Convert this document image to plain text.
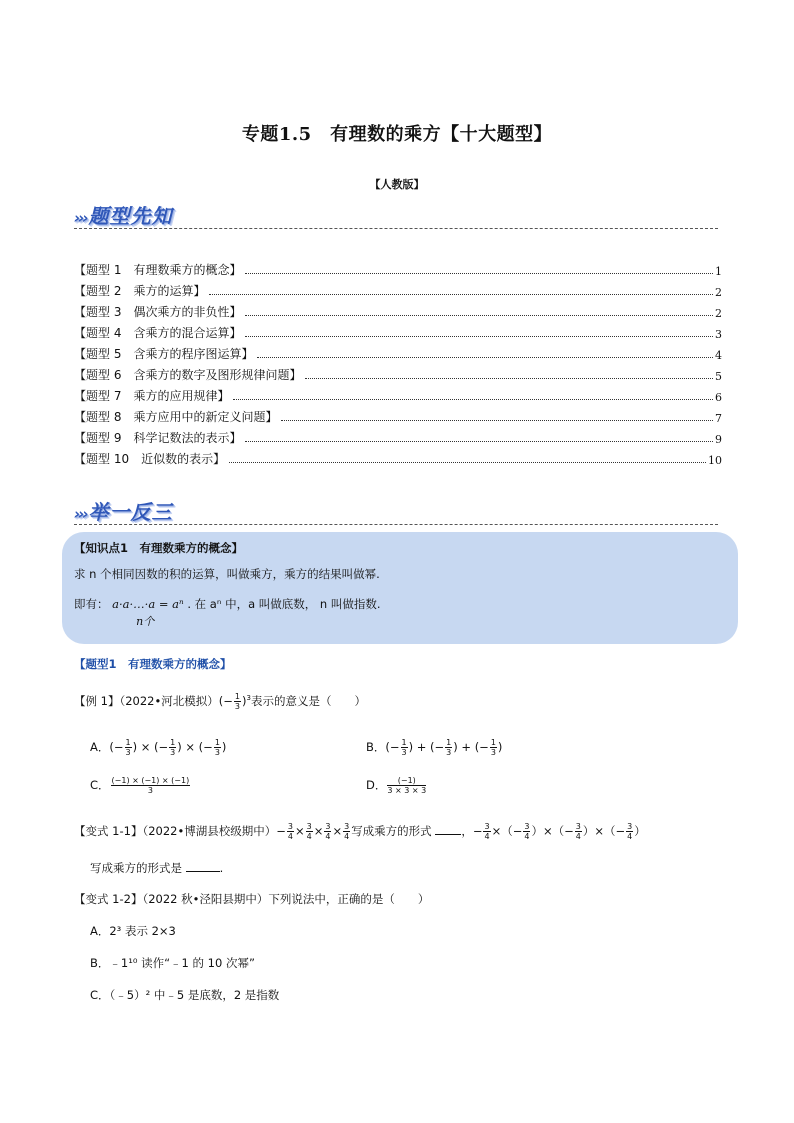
专题1.5　有理数的乘方【十大题型】
【人教版】
››› 题型先知
【题型 1　有理数乘方的概念】	1
【题型 2　乘方的运算】	2
【题型 3　偶次乘方的非负性】	2
【题型 4　含乘方的混合运算】	3
【题型 5　含乘方的程序图运算】	4
【题型 6　含乘方的数字及图形规律问题】	5
【题型 7　乘方的应用规律】	6
【题型 8　乘方应用中的新定义问题】	7
【题型 9　科学记数法的表示】	9
【题型 10　近似数的表示】	10
››› 举一反三
【知识点1　有理数乘方的概念】
求 n 个相同因数的积的运算，叫做乘方，乘方的结果叫做幂.
即有： a·a·…·a = aⁿ
n个
. 在 aⁿ 中，a 叫做底数， n 叫做指数.
【题型1　有理数乘方的概念】
【例 1】（2022•河北模拟）(− $\frac{1}{3} )^3$表示的意义是（　　）
A．(− $\frac{1}{3}$ ) × (− $\frac{1}{3}$ ) × (− $\frac{1}{3}$ )	B．(− $\frac{1}{3}$ ) + (− $\frac{1}{3}$ ) + (− $\frac{1}{3}$ )
C． $\frac{(-1) \times (-1) \times (-1)}{3}$	D． $\frac{(-1)}{3 \times 3 \times 3}$
【变式 1-1】（2022•博湖县校级期中）− $\frac{3}{4} \times \frac{3}{4} \times \frac{3}{4} \times \frac{3}{4}$ 写成乘方的形式 ，− $\frac{3}{4}$ ×（− $\frac{3}{4}$ ）×（− $\frac{3}{4}$ ）×（− $\frac{3}{4}$ ）
写成乘方的形式是	.
【变式 1-2】（2022 秋•泾阳县期中）下列说法中，正确的是（　　）
A．2³ 表示 2×3
B．﹣1¹⁰ 读作“﹣1 的 10 次幂”
C．（﹣5）² 中﹣5 是底数，2 是指数
